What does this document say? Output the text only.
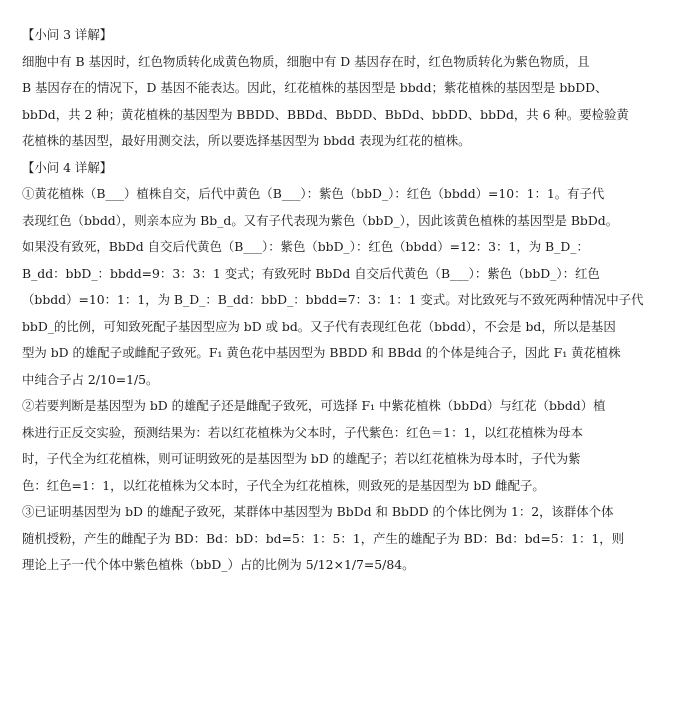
【小问 3 详解】
细胞中有 B 基因时，红色物质转化成黄色物质，细胞中有 D 基因存在时，红色物质转化为紫色物质，且
B 基因存在的情况下，D 基因不能表达。因此，红花植株的基因型是 bbdd；紫花植株的基因型是 bbDD、
bbDd，共 2 种；黄花植株的基因型为 BBDD、BBDd、BbDD、BbDd、bbDD、bbDd，共 6 种。要检验黄
花植株的基因型，最好用测交法，所以要选择基因型为 bbdd 表现为红花的植株。
【小问 4 详解】
①黄花植株（B___）植株自交，后代中黄色（B___）：紫色（bbD_）：红色（bbdd）=10：1：1。有子代
表现红色（bbdd），则亲本应为 Bb_d。又有子代表现为紫色（bbD_），因此该黄色植株的基因型是 BbDd。
如果没有致死，BbDd 自交后代黄色（B___）：紫色（bbD_）：红色（bbdd）=12：3：1，为 B_D_：
B_dd：bbD_：bbdd=9：3：3：1 变式；有致死时 BbDd 自交后代黄色（B___）：紫色（bbD_）：红色
（bbdd）=10：1：1，为 B_D_：B_dd：bbD_：bbdd=7：3：1：1 变式。对比致死与不致死两种情况中子代
bbD_的比例，可知致死配子基因型应为 bD 或 bd。又子代有表现红色花（bbdd），不会是 bd，所以是基因
型为 bD 的雄配子或雌配子致死。F₁ 黄色花中基因型为 BBDD 和 BBdd 的个体是纯合子，因此 F₁ 黄花植株
中纯合子占 2/10=1/5。
②若要判断是基因型为 bD 的雄配子还是雌配子致死，可选择 F₁ 中紫花植株（bbDd）与红花（bbdd）植
株进行正反交实验，预测结果为：若以红花植株为父本时，子代紫色：红色＝1：1，以红花植株为母本
时，子代全为红花植株，则可证明致死的是基因型为 bD 的雄配子；若以红花植株为母本时，子代为紫
色：红色=1：1，以红花植株为父本时，子代全为红花植株，则致死的是基因型为 bD 雌配子。
③已证明基因型为 bD 的雄配子致死，某群体中基因型为 BbDd 和 BbDD 的个体比例为 1：2，该群体个体
随机授粉，产生的雌配子为 BD：Bd：bD：bd=5：1：5：1，产生的雄配子为 BD：Bd：bd=5：1：1，则
理论上子一代个体中紫色植株（bbD_）占的比例为 5/12×1/7=5/84。
